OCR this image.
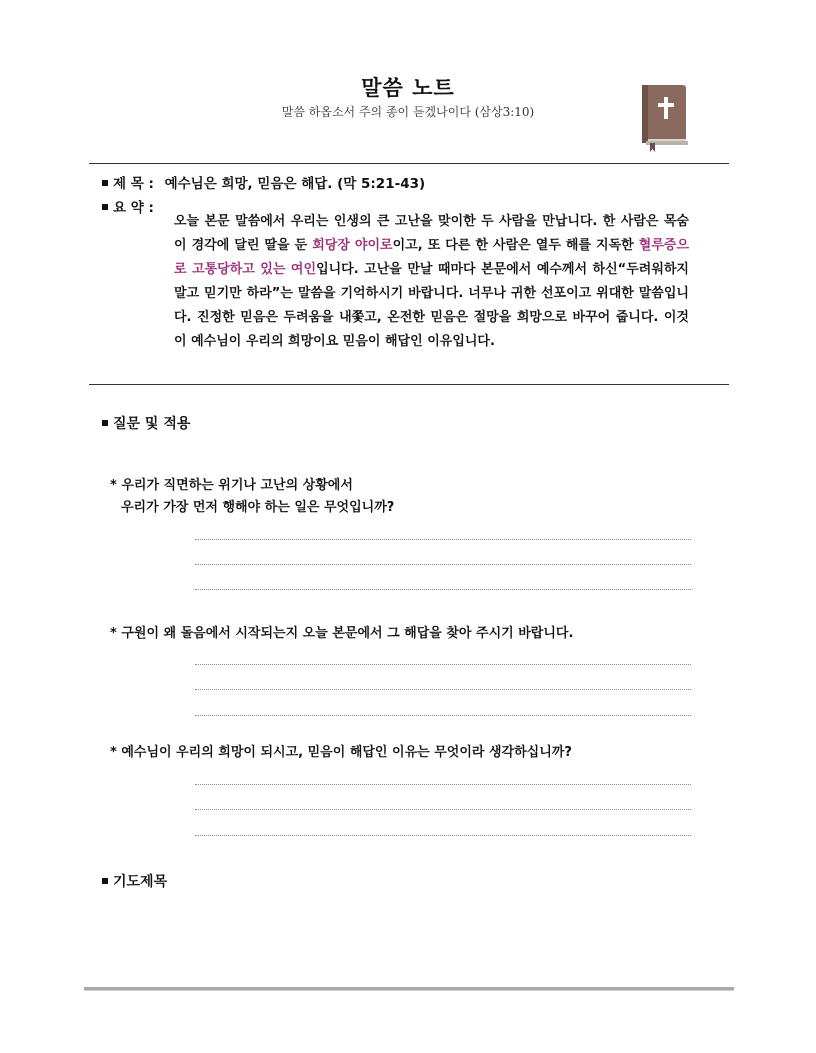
말씀 노트
말씀 하옵소서 주의 종이 듣겠나이다 (삼상3:10)
제 목 : 예수님은 희망, 믿음은 해답. (막 5:21-43)
요 약 :
오늘 본문 말씀에서 우리는 인생의 큰 고난을 맞이한 두 사람을 만납니다. 한 사람은 목숨이 경각에 달린 딸을 둔 회당장 야이로이고, 또 다른 한 사람은 열두 해를 지독한 혈루증으로 고통당하고 있는 여인입니다. 고난을 만날 때마다 본문에서 예수께서 하신“두려워하지 말고 믿기만 하라”는 말씀을 기억하시기 바랍니다. 너무나 귀한 선포이고 위대한 말씀입니다. 진정한 믿음은 두려움을 내쫓고, 온전한 믿음은 절망을 희망으로 바꾸어 줍니다. 이것이 예수님이 우리의 희망이요 믿음이 해답인 이유입니다.
질문 및 적용
* 우리가 직면하는 위기나 고난의 상황에서
우리가 가장 먼저 행해야 하는 일은 무엇입니까?
* 구원이 왜 돌음에서 시작되는지 오늘 본문에서 그 해답을 찾아 주시기 바랍니다.
* 예수님이 우리의 희망이 되시고, 믿음이 해답인 이유는 무엇이라 생각하십니까?
기도제목
